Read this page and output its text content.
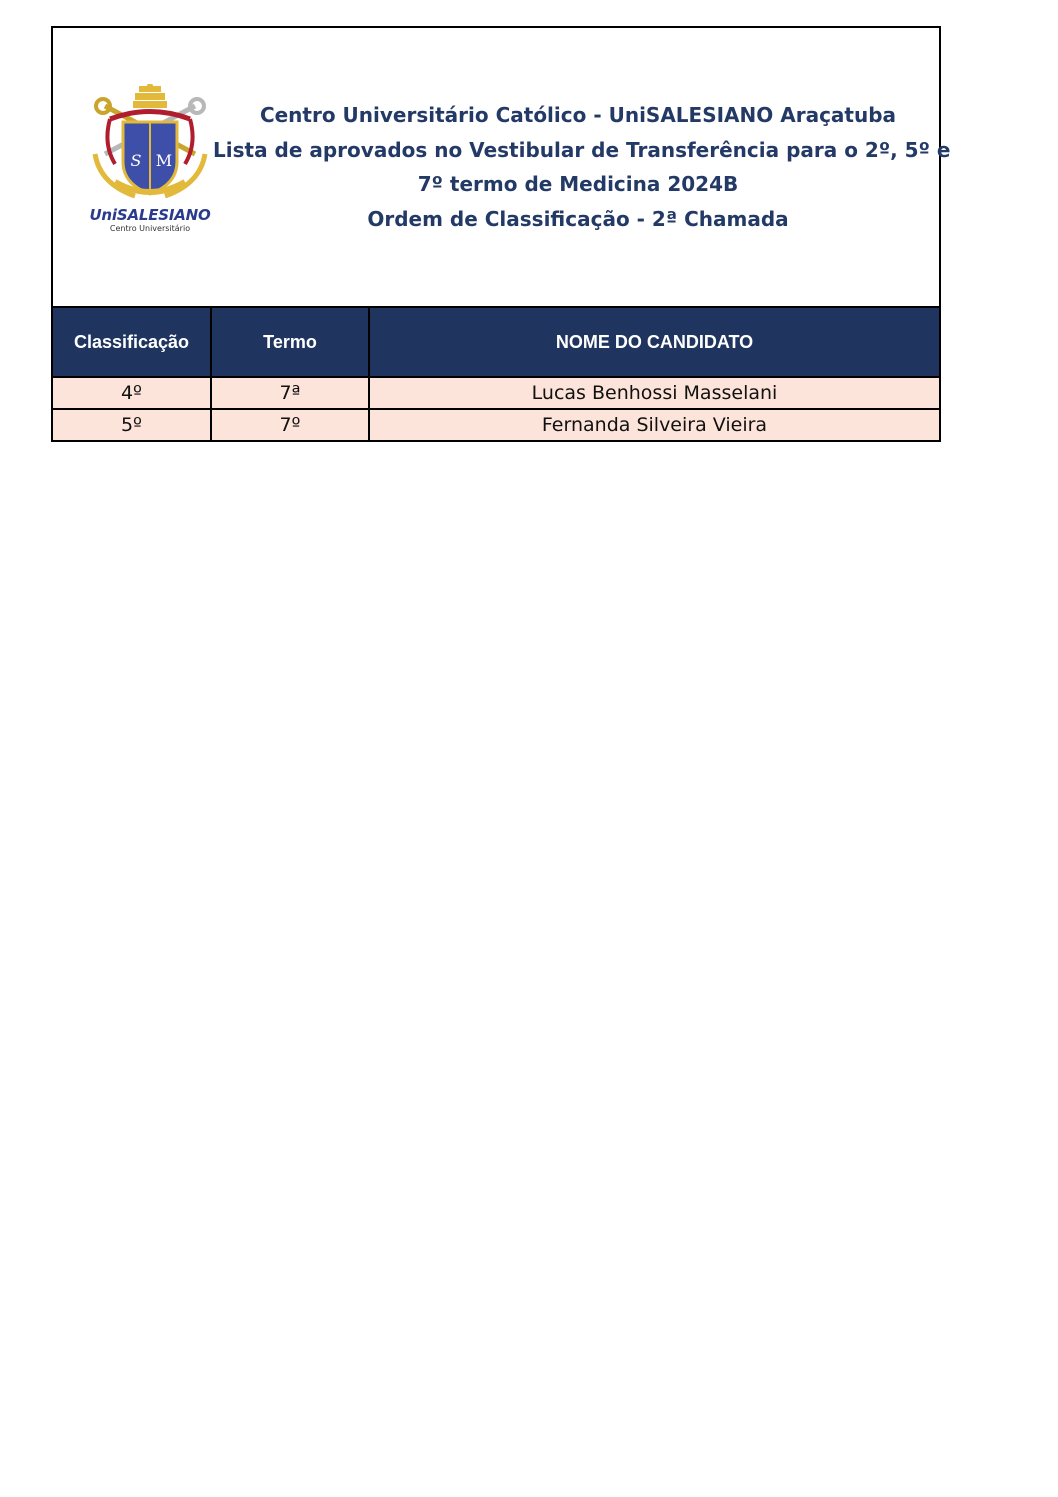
S M
UniSALESIANO
Centro Universitário
Centro Universitário Católico - UniSALESIANO Araçatuba
Lista de aprovados no Vestibular de Transferência para o 2º, 5º e
7º termo de Medicina 2024B
Ordem de Classificação - 2ª Chamada
Classificação	Termo	NOME DO CANDIDATO
4º	7ª	Lucas Benhossi Masselani
5º	7º	Fernanda Silveira Vieira
